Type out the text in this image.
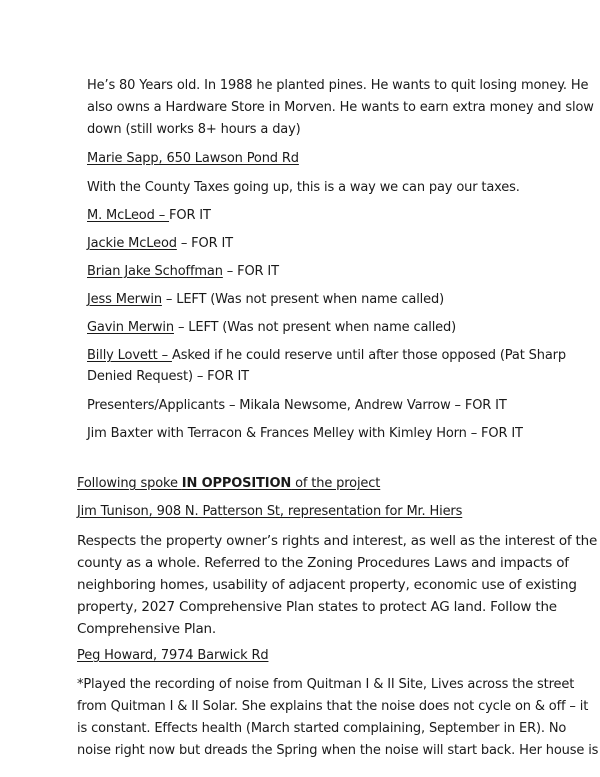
He’s 80 Years old. In 1988 he planted pines. He wants to quit losing money. He
also owns a Hardware Store in Morven. He wants to earn extra money and slow
down (still works 8+ hours a day)
Marie Sapp, 650 Lawson Pond Rd
With the County Taxes going up, this is a way we can pay our taxes.
M. McLeod – FOR IT
Jackie McLeod – FOR IT
Brian Jake Schoffman – FOR IT
Jess Merwin – LEFT (Was not present when name called)
Gavin Merwin – LEFT (Was not present when name called)
Billy Lovett – Asked if he could reserve until after those opposed (Pat Sharp
Denied Request) – FOR IT
Presenters/Applicants – Mikala Newsome, Andrew Varrow – FOR IT
Jim Baxter with Terracon & Frances Melley with Kimley Horn – FOR IT
Following spoke IN OPPOSITION of the project
Jim Tunison, 908 N. Patterson St, representation for Mr. Hiers
Respects the property owner’s rights and interest, as well as the interest of the
county as a whole. Referred to the Zoning Procedures Laws and impacts of
neighboring homes, usability of adjacent property, economic use of existing
property, 2027 Comprehensive Plan states to protect AG land. Follow the
Comprehensive Plan.
Peg Howard, 7974 Barwick Rd
*Played the recording of noise from Quitman I & II Site, Lives across the street
from Quitman I & II Solar. She explains that the noise does not cycle on & off – it
is constant. Effects health (March started complaining, September in ER). No
noise right now but dreads the Spring when the noise will start back. Her house is
